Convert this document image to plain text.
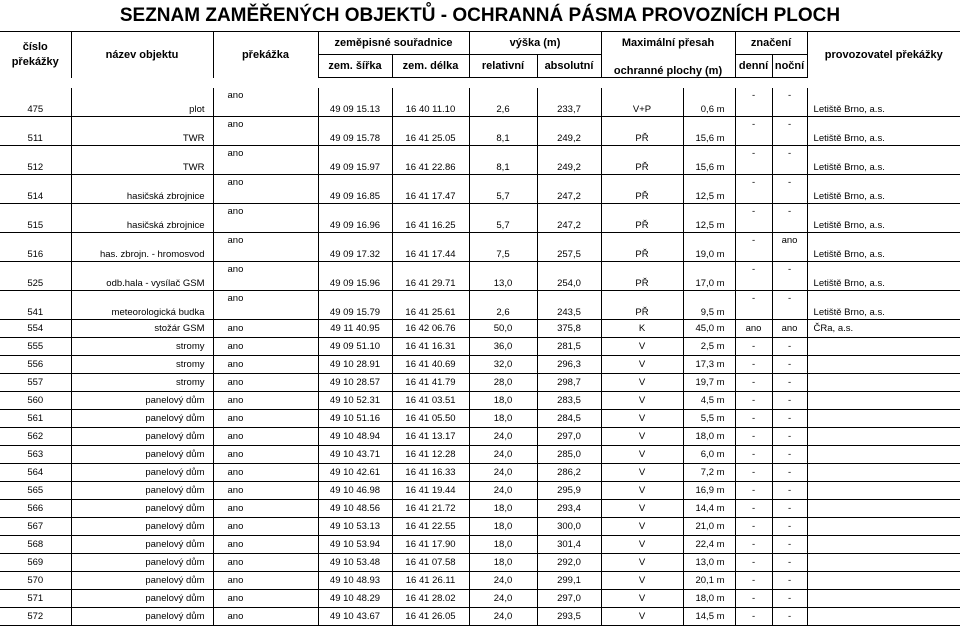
SEZNAM ZAMĚŘENÝCH OBJEKTŮ - OCHRANNÁ PÁSMA PROVOZNÍCH PLOCH
číslo překážky	název objektu	překážka	zeměpisné souřadnice		výška (m)		Maximální přesah		značení		provozovatel překážky
			zem. šířka	zem. délka	relativní	absolutní	ochranné plochy (m)		denní	noční	

475	plot	ano	49 09 15.13	16 40 11.10	2,6	233,7	V+P	0,6 m	-	-	Letiště Brno, a.s.
511	TWR	ano	49 09 15.78	16 41 25.05	8,1	249,2	PŘ	15,6 m	-	-	Letiště Brno, a.s.
512	TWR	ano	49 09 15.97	16 41 22.86	8,1	249,2	PŘ	15,6 m	-	-	Letiště Brno, a.s.
514	hasičská zbrojnice	ano	49 09 16.85	16 41 17.47	5,7	247,2	PŘ	12,5 m	-	-	Letiště Brno, a.s.
515	hasičská zbrojnice	ano	49 09 16.96	16 41 16.25	5,7	247,2	PŘ	12,5 m	-	-	Letiště Brno, a.s.
516	has. zbrojn. - hromosvod	ano	49 09 17.32	16 41 17.44	7,5	257,5	PŘ	19,0 m	-	ano	Letiště Brno, a.s.
525	odb.hala - vysílač GSM	ano	49 09 15.96	16 41 29.71	13,0	254,0	PŘ	17,0 m	-	-	Letiště Brno, a.s.
541	meteorologická budka	ano	49 09 15.79	16 41 25.61	2,6	243,5	PŘ	9,5 m	-	-	Letiště Brno, a.s.
554	stožár GSM	ano	49 11 40.95	16 42 06.76	50,0	375,8	K	45,0 m	ano	ano	ČRa, a.s.
555	stromy	ano	49 09 51.10	16 41 16.31	36,0	281,5	V	2,5 m	-	-	
556	stromy	ano	49 10 28.91	16 41 40.69	32,0	296,3	V	17,3 m	-	-	
557	stromy	ano	49 10 28.57	16 41 41.79	28,0	298,7	V	19,7 m	-	-	
560	panelový dům	ano	49 10 52.31	16 41 03.51	18,0	283,5	V	4,5 m	-	-	
561	panelový dům	ano	49 10 51.16	16 41 05.50	18,0	284,5	V	5,5 m	-	-	
562	panelový dům	ano	49 10 48.94	16 41 13.17	24,0	297,0	V	18,0 m	-	-	
563	panelový dům	ano	49 10 43.71	16 41 12.28	24,0	285,0	V	6,0 m	-	-	
564	panelový dům	ano	49 10 42.61	16 41 16.33	24,0	286,2	V	7,2 m	-	-	
565	panelový dům	ano	49 10 46.98	16 41 19.44	24,0	295,9	V	16,9 m	-	-	
566	panelový dům	ano	49 10 48.56	16 41 21.72	18,0	293,4	V	14,4 m	-	-	
567	panelový dům	ano	49 10 53.13	16 41 22.55	18,0	300,0	V	21,0 m	-	-	
568	panelový dům	ano	49 10 53.94	16 41 17.90	18,0	301,4	V	22,4 m	-	-	
569	panelový dům	ano	49 10 53.48	16 41 07.58	18,0	292,0	V	13,0 m	-	-	
570	panelový dům	ano	49 10 48.93	16 41 26.11	24,0	299,1	V	20,1 m	-	-	
571	panelový dům	ano	49 10 48.29	16 41 28.02	24,0	297,0	V	18,0 m	-	-	
572	panelový dům	ano	49 10 43.67	16 41 26.05	24,0	293,5	V	14,5 m	-	-	
